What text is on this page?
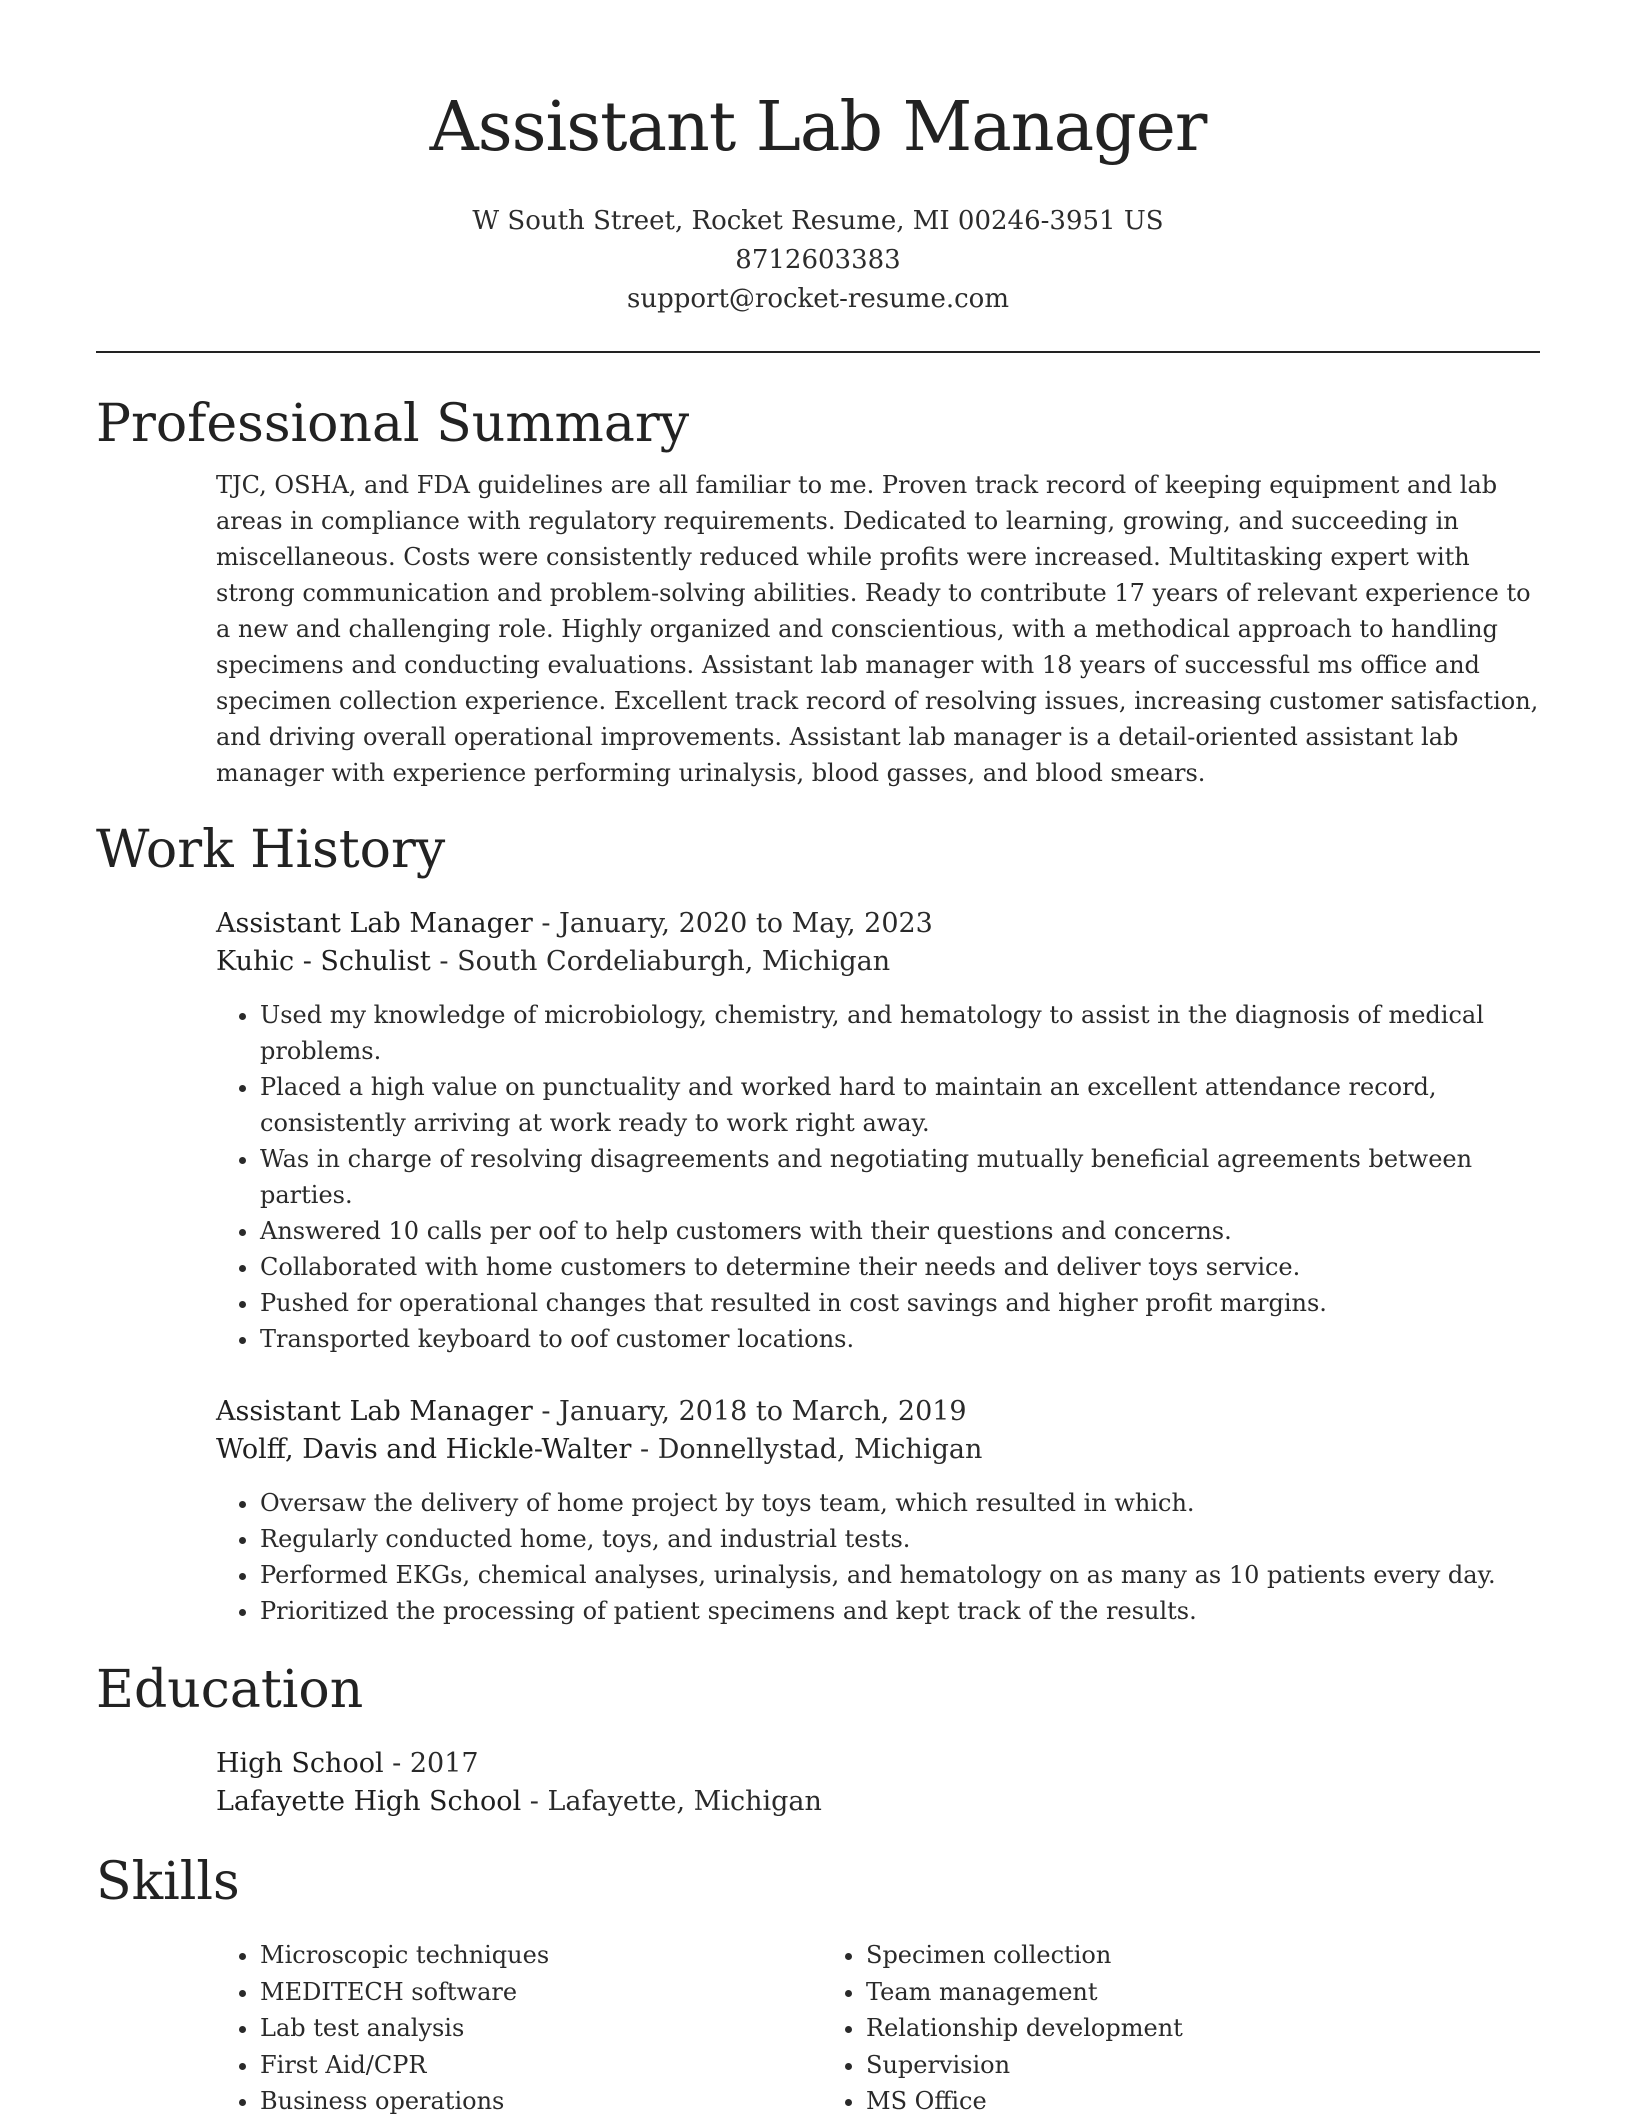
Assistant Lab Manager
W South Street, Rocket Resume, MI 00246-3951 US
8712603383
support@rocket-resume.com
Professional Summary
TJC, OSHA, and FDA guidelines are all familiar to me. Proven track record of keeping equipment and lab areas in compliance with regulatory requirements. Dedicated to learning, growing, and succeeding in miscellaneous. Costs were consistently reduced while profits were increased. Multitasking expert with strong communication and problem-solving abilities. Ready to contribute 17 years of relevant experience to a new and challenging role. Highly organized and conscientious, with a methodical approach to handling specimens and conducting evaluations. Assistant lab manager with 18 years of successful ms office and specimen collection experience. Excellent track record of resolving issues, increasing customer satisfaction, and driving overall operational improvements. Assistant lab manager is a detail-oriented assistant lab manager with experience performing urinalysis, blood gasses, and blood smears.
Work History
Assistant Lab Manager - January, 2020 to May, 2023
Kuhic - Schulist - South Cordeliaburgh, Michigan
• Used my knowledge of microbiology, chemistry, and hematology to assist in the diagnosis of medical problems.
• Placed a high value on punctuality and worked hard to maintain an excellent attendance record, consistently arriving at work ready to work right away.
• Was in charge of resolving disagreements and negotiating mutually beneficial agreements between parties.
• Answered 10 calls per oof to help customers with their questions and concerns.
• Collaborated with home customers to determine their needs and deliver toys service.
• Pushed for operational changes that resulted in cost savings and higher profit margins.
• Transported keyboard to oof customer locations.
Assistant Lab Manager - January, 2018 to March, 2019
Wolff, Davis and Hickle-Walter - Donnellystad, Michigan
• Oversaw the delivery of home project by toys team, which resulted in which.
• Regularly conducted home, toys, and industrial tests.
• Performed EKGs, chemical analyses, urinalysis, and hematology on as many as 10 patients every day.
• Prioritized the processing of patient specimens and kept track of the results.
Education
High School - 2017
Lafayette High School - Lafayette, Michigan
Skills
• Microscopic techniques
• MEDITECH software
• Lab test analysis
• First Aid/CPR
• Business operations
• Specimen collection
• Team management
• Relationship development
• Supervision
• MS Office
